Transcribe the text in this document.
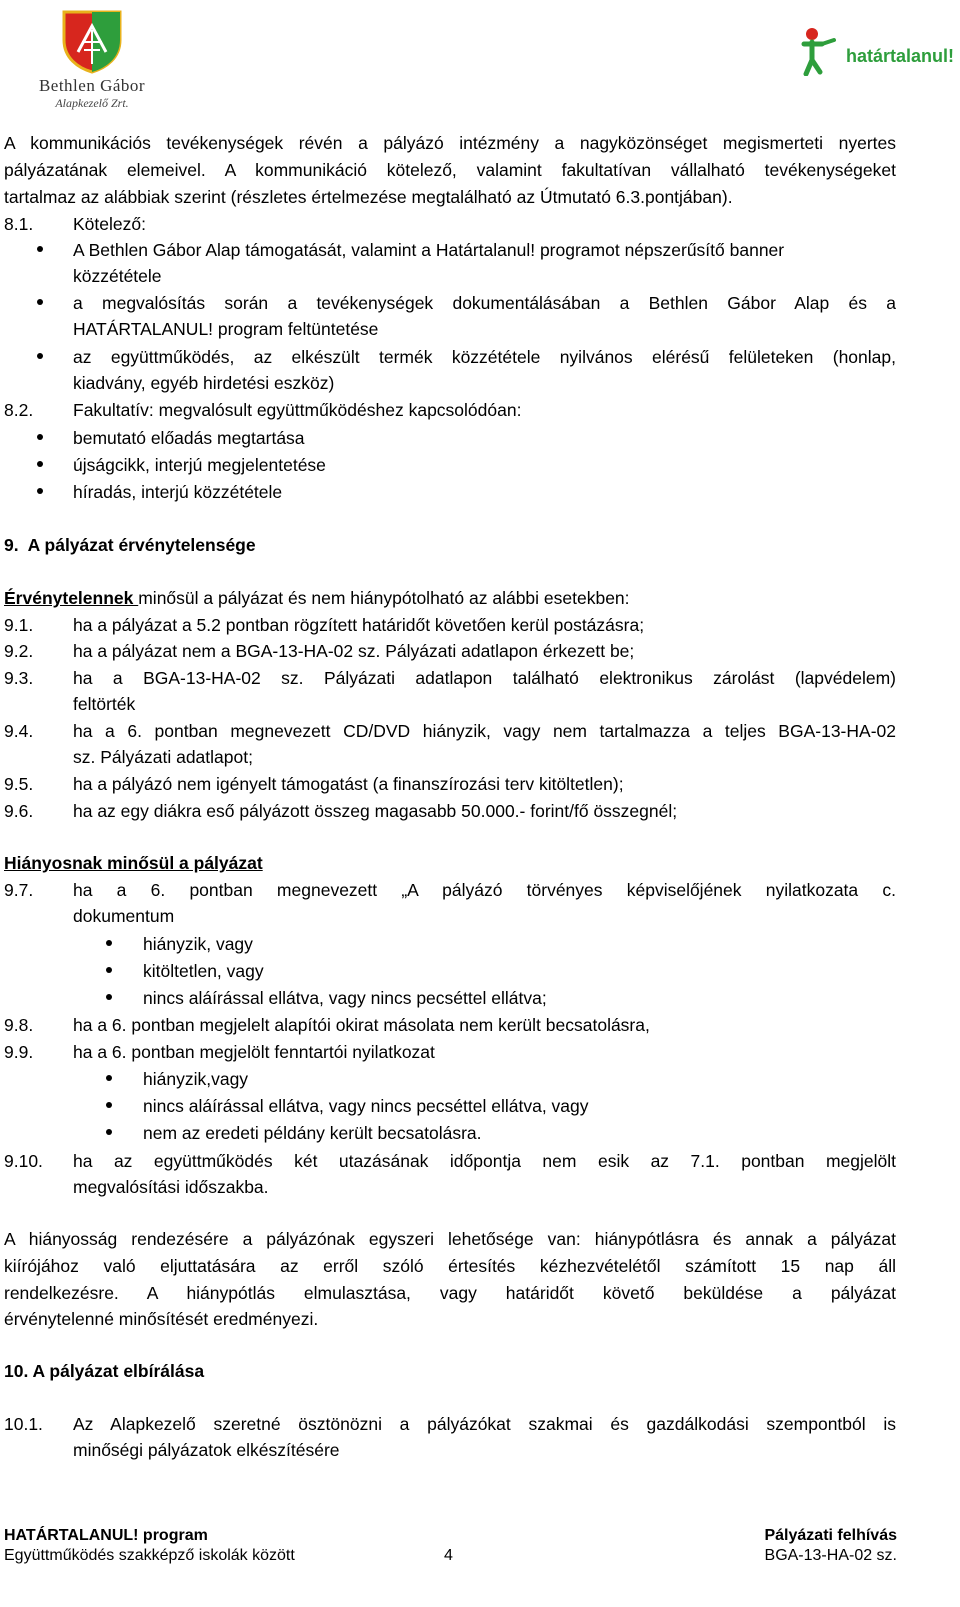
Bethlen Gábor
Alapkezelő Zrt.
határtalanul!
A kommunikációs tevékenységek révén a pályázó intézmény a nagyközönséget megismerteti nyertes
pályázatának elemeivel. A kommunikáció kötelező, valamint fakultatívan vállalható tevékenységeket
tartalmaz az alábbiak szerint (részletes értelmezése megtalálható az Útmutató 6.3.pontjában).
8.1. Kötelező:
A Bethlen Gábor Alap támogatását, valamint a Határtalanul! programot népszerűsítő banner
közzététele
a megvalósítás során a tevékenységek dokumentálásában a Bethlen Gábor Alap és a
HATÁRTALANUL! program feltüntetése
az együttműködés, az elkészült termék közzététele nyilvános elérésű felületeken (honlap,
kiadvány, egyéb hirdetési eszköz)
8.2. Fakultatív: megvalósult együttműködéshez kapcsolódóan:
bemutató előadás megtartása
újságcikk, interjú megjelentetése
híradás, interjú közzététele
9.  A pályázat érvénytelensége
Érvénytelennek minősül a pályázat és nem hiánypótolható az alábbi esetekben:
9.1. ha a pályázat a 5.2 pontban rögzített határidőt követően kerül postázásra;
9.2. ha a pályázat nem a BGA-13-HA-02 sz. Pályázati adatlapon érkezett be;
9.3. ha a BGA-13-HA-02 sz. Pályázati adatlapon található elektronikus zárolást (lapvédelem)
feltörték
9.4. ha a 6. pontban megnevezett CD/DVD hiányzik, vagy nem tartalmazza a teljes BGA-13-HA-02
sz. Pályázati adatlapot;
9.5. ha a pályázó nem igényelt támogatást (a finanszírozási terv kitöltetlen);
9.6. ha az egy diákra eső pályázott összeg magasabb 50.000.- forint/fő összegnél;
Hiányosnak minősül a pályázat
9.7. ha a 6. pontban megnevezett „A pályázó törvényes képviselőjének nyilatkozata c.
dokumentum
hiányzik, vagy
kitöltetlen, vagy
nincs aláírással ellátva, vagy nincs pecséttel ellátva;
9.8. ha a 6. pontban megjelelt alapítói okirat másolata nem került becsatolásra,
9.9. ha a 6. pontban megjelölt fenntartói nyilatkozat
hiányzik,vagy
nincs aláírással ellátva, vagy nincs pecséttel ellátva, vagy
nem az eredeti példány került becsatolásra.
9.10. ha az együttműködés két utazásának időpontja nem esik az 7.1. pontban megjelölt
megvalósítási időszakba.
A hiányosság rendezésére a pályázónak egyszeri lehetősége van: hiánypótlásra és annak a pályázat
kiírójához való eljuttatására az erről szóló értesítés kézhezvételétől számított 15 nap áll
rendelkezésre. A hiánypótlás elmulasztása, vagy határidőt követő beküldése a pályázat
érvénytelenné minősítését eredményezi.
10. A pályázat elbírálása
10.1. Az Alapkezelő szeretné ösztönözni a pályázókat szakmai és gazdálkodási szempontból is
minőségi pályázatok elkészítésére
HATÁRTALANUL! program
Együttműködés szakképző iskolák között	4
Pályázati felhívás
BGA-13-HA-02 sz.
